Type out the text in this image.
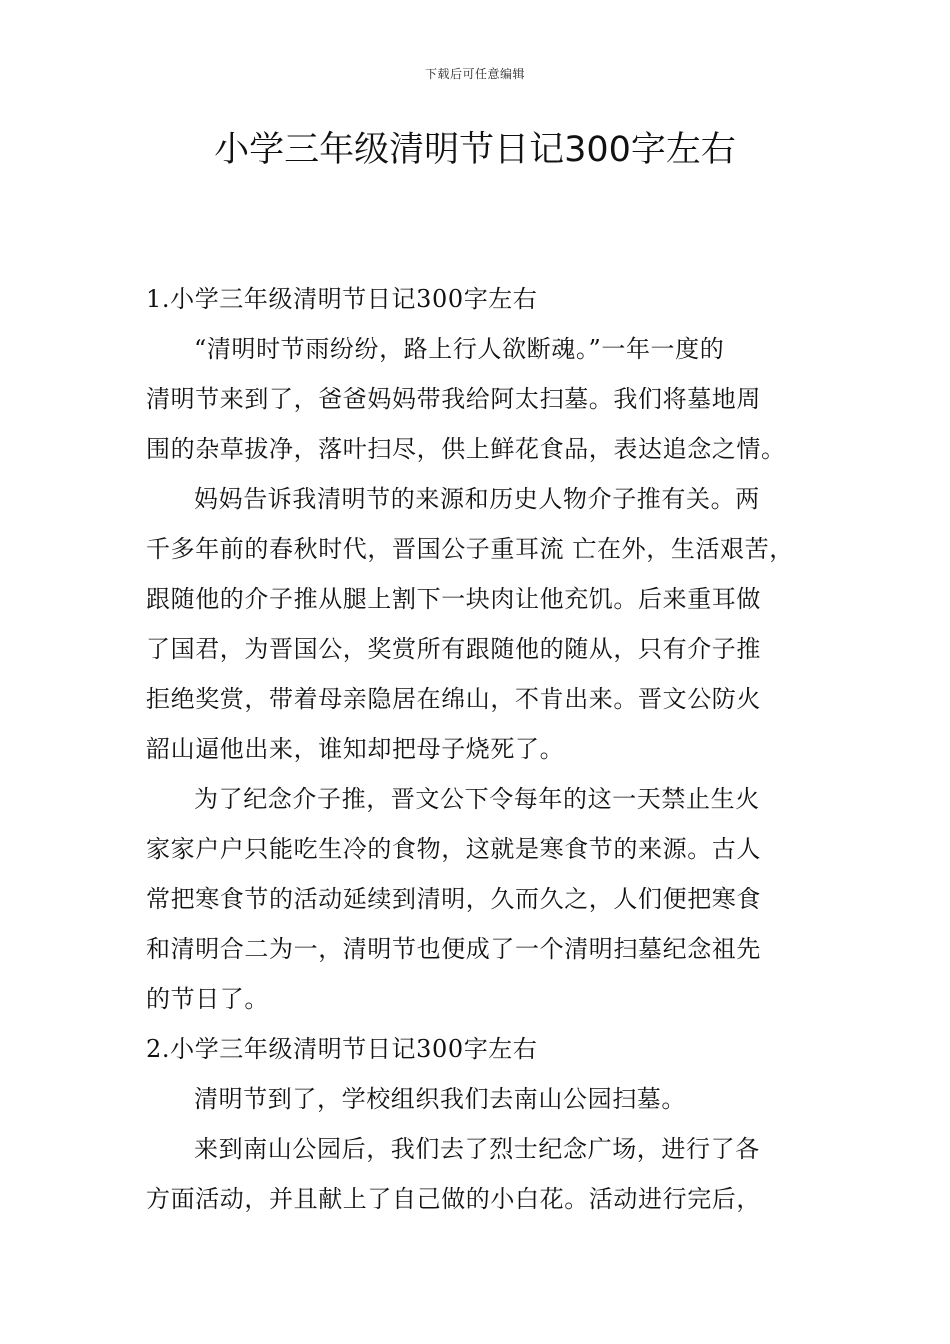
下载后可任意编辑
小学三年级清明节日记300字左右

1.小学三年级清明节日记300字左右

“清明时节雨纷纷，路上行人欲断魂。”一年一度的

清明节来到了，爸爸妈妈带我给阿太扫墓。我们将墓地周

围的杂草拔净，落叶扫尽，供上鲜花食品，表达追念之情。

妈妈告诉我清明节的来源和历史人物介子推有关。两

千多年前的春秋时代，晋国公子重耳流 亡在外，生活艰苦，

跟随他的介子推从腿上割下一块肉让他充饥。后来重耳做

了国君，为晋国公，奖赏所有跟随他的随从，只有介子推

拒绝奖赏，带着母亲隐居在绵山，不肯出来。晋文公防火

韶山逼他出来，谁知却把母子烧死了。

为了纪念介子推，晋文公下令每年的这一天禁止生火

家家户户只能吃生冷的食物，这就是寒食节的来源。古人

常把寒食节的活动延续到清明，久而久之，人们便把寒食

和清明合二为一，清明节也便成了一个清明扫墓纪念祖先

的节日了。

2.小学三年级清明节日记300字左右

清明节到了，学校组织我们去南山公园扫墓。

来到南山公园后，我们去了烈士纪念广场，进行了各

方面活动，并且献上了自己做的小白花。活动进行完后，
